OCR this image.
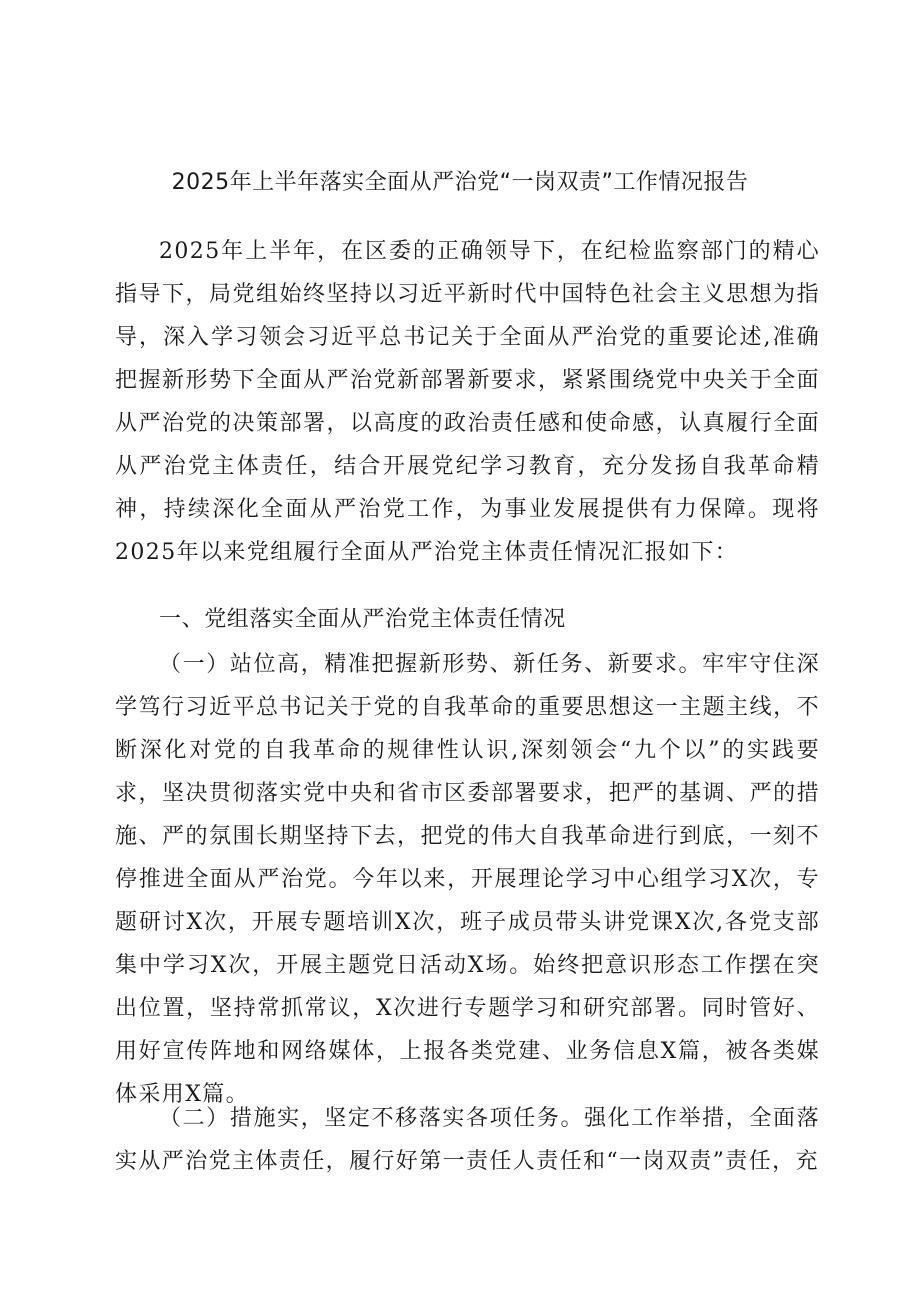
2025年上半年落实全面从严治党“一岗双责”工作情况报告

2025年上半年，在区委的正确领导下，在纪检监察部门的精心指导下，局党组始终坚持以习近平新时代中国特色社会主义思想为指导，深入学习领会习近平总书记关于全面从严治党的重要论述,准确把握新形势下全面从严治党新部署新要求，紧紧围绕党中央关于全面从严治党的决策部署，以高度的政治责任感和使命感，认真履行全面从严治党主体责任，结合开展党纪学习教育，充分发扬自我革命精神，持续深化全面从严治党工作，为事业发展提供有力保障。现将2025年以来党组履行全面从严治党主体责任情况汇报如下：

一、党组落实全面从严治党主体责任情况

（一）站位高，精准把握新形势、新任务、新要求。牢牢守住深学笃行习近平总书记关于党的自我革命的重要思想这一主题主线，不断深化对党的自我革命的规律性认识,深刻领会“九个以”的实践要求，坚决贯彻落实党中央和省市区委部署要求，把严的基调、严的措施、严的氛围长期坚持下去，把党的伟大自我革命进行到底，一刻不停推进全面从严治党。今年以来，开展理论学习中心组学习X次，专题研讨X次，开展专题培训X次，班子成员带头讲党课X次,各党支部集中学习X次，开展主题党日活动X场。始终把意识形态工作摆在突出位置，坚持常抓常议，X次进行专题学习和研究部署。同时管好、用好宣传阵地和网络媒体，上报各类党建、业务信息X篇，被各类媒体采用X篇。

（二）措施实，坚定不移落实各项任务。强化工作举措，全面落实从严治党主体责任，履行好第一责任人责任和“一岗双责”责任，充
